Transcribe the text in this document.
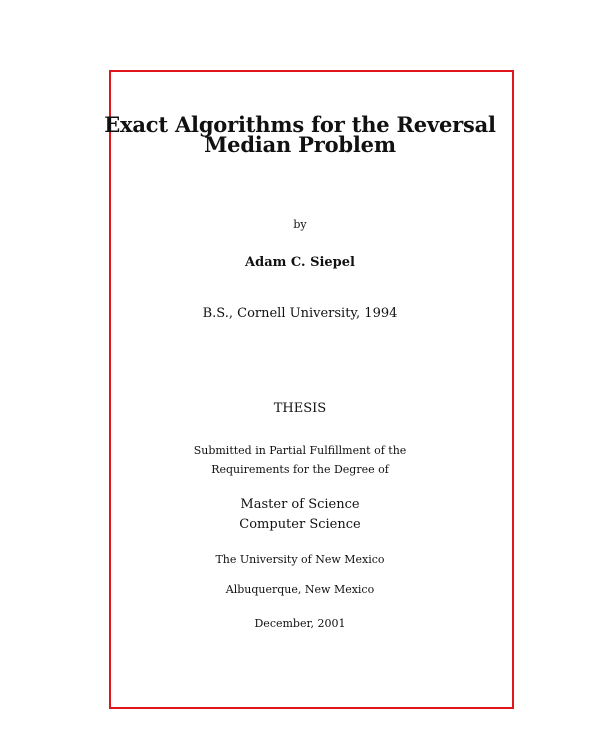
Exact Algorithms for the Reversal
Median Problem

by

Adam C. Siepel

B.S., Cornell University, 1994

THESIS

Submitted in Partial Fulfillment of the

Requirements for the Degree of

Master of Science

Computer Science

The University of New Mexico

Albuquerque, New Mexico

December, 2001
